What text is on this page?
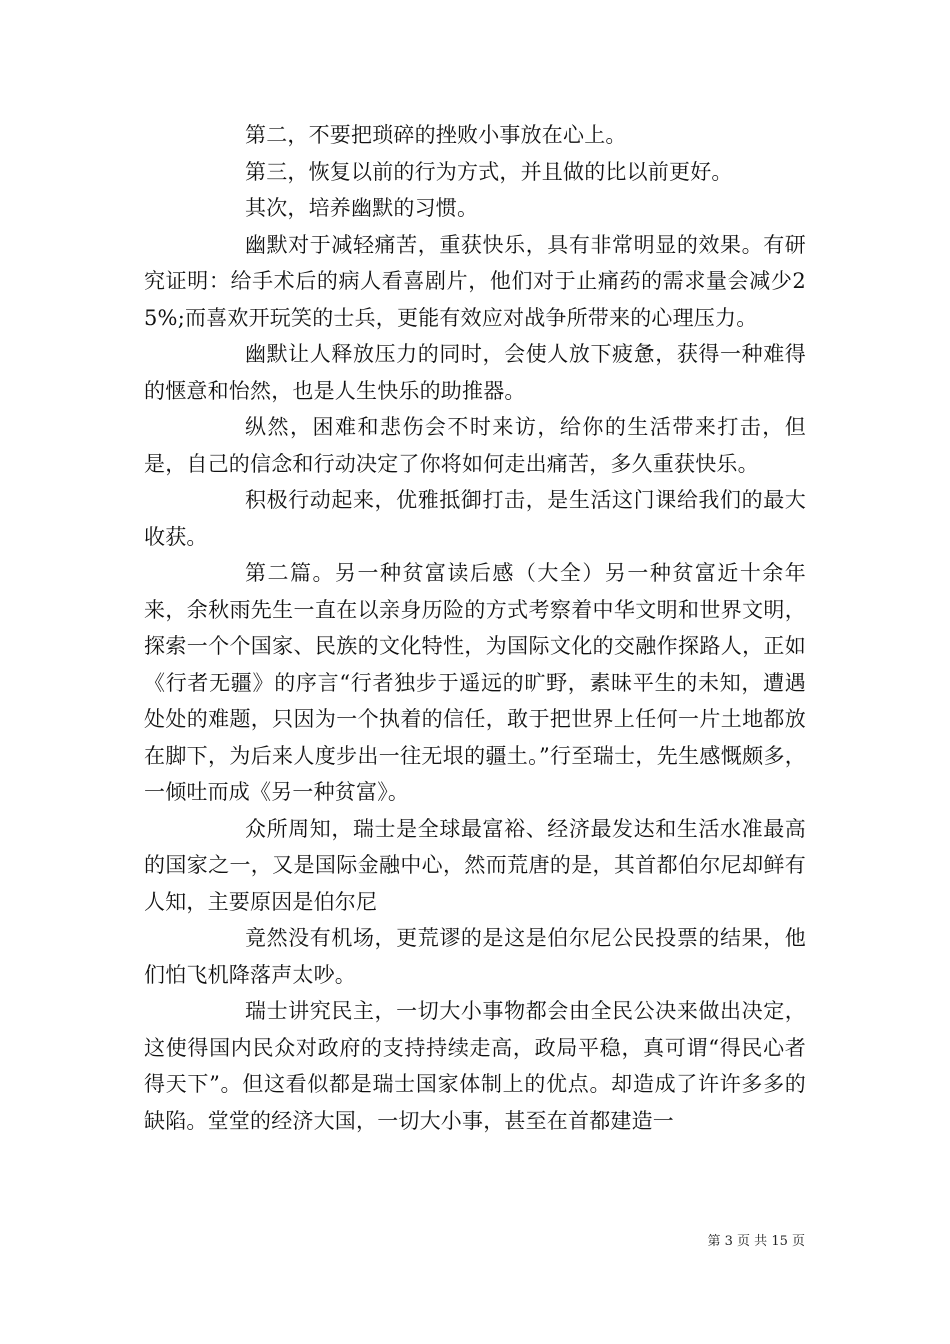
第二，不要把琐碎的挫败小事放在心上。

第三，恢复以前的行为方式，并且做的比以前更好。

其次，培养幽默的习惯。

幽默对于减轻痛苦，重获快乐，具有非常明显的效果。有研究证明：给手术后的病人看喜剧片，他们对于止痛药的需求量会减少25%;而喜欢开玩笑的士兵，更能有效应对战争所带来的心理压力。

幽默让人释放压力的同时，会使人放下疲惫，获得一种难得的惬意和怡然，也是人生快乐的助推器。

纵然，困难和悲伤会不时来访，给你的生活带来打击，但是，自己的信念和行动决定了你将如何走出痛苦，多久重获快乐。

积极行动起来，优雅抵御打击，是生活这门课给我们的最大收获。

第二篇。另一种贫富读后感（大全）另一种贫富近十余年来，余秋雨先生一直在以亲身历险的方式考察着中华文明和世界文明，探索一个个国家、民族的文化特性，为国际文化的交融作探路人，正如《行者无疆》的序言“行者独步于遥远的旷野，素昧平生的未知，遭遇处处的难题，只因为一个执着的信任，敢于把世界上任何一片土地都放在脚下，为后来人度步出一往无垠的疆土。”行至瑞士，先生感慨颇多，一倾吐而成《另一种贫富》。

众所周知，瑞士是全球最富裕、经济最发达和生活水准最高的国家之一，又是国际金融中心，然而荒唐的是，其首都伯尔尼却鲜有人知，主要原因是伯尔尼

竟然没有机场，更荒谬的是这是伯尔尼公民投票的结果，他们怕飞机降落声太吵。

瑞士讲究民主，一切大小事物都会由全民公决来做出决定，这使得国内民众对政府的支持持续走高，政局平稳，真可谓“得民心者得天下”。但这看似都是瑞士国家体制上的优点。却造成了许许多多的缺陷。堂堂的经济大国，一切大小事，甚至在首都建造一

第 3 页 共 15 页
